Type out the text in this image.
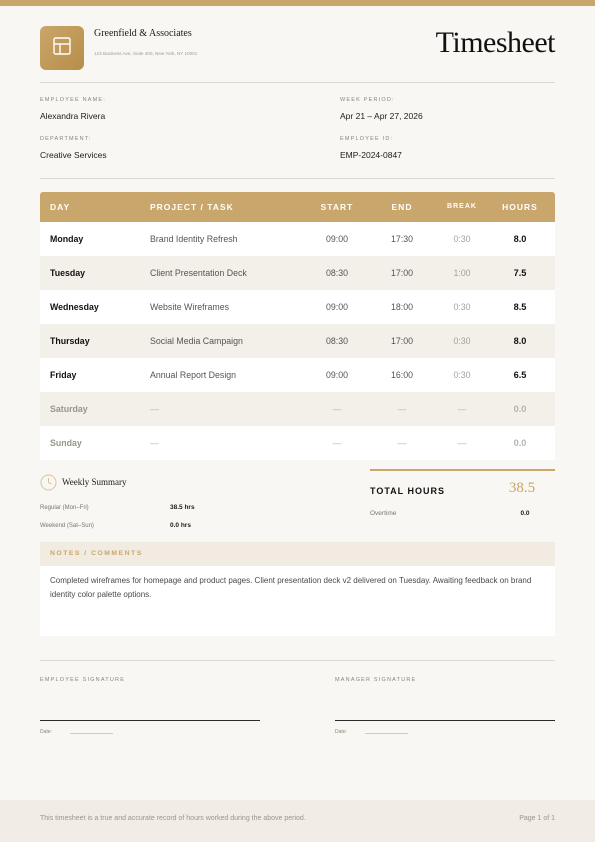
Greenfield & Associates
123 Business Ave, Suite 400, New York, NY 10001	Timesheet
EMPLOYEE NAME:
Alexandra Rivera
DEPARTMENT:
Creative Services
WEEK PERIOD:
Apr 21 – Apr 27, 2026
EMPLOYEE ID:
EMP-2024-0847
DAY	PROJECT / TASK	START	END	BREAK	HOURS
Monday	Brand Identity Refresh	09:00	17:30	0:30	8.0
Tuesday	Client Presentation Deck	08:30	17:00	1:00	7.5
Wednesday	Website Wireframes	09:00	18:00	0:30	8.5
Thursday	Social Media Campaign	08:30	17:00	0:30	8.0
Friday	Annual Report Design	09:00	16:00	0:30	6.5
Saturday	—	—	—	—	0.0
Sunday	—	—	—	—	0.0
Weekly Summary
Regular (Mon–Fri)	38.5 hrs
Weekend (Sat–Sun)	0.0 hrs
TOTAL HOURS	38.5
Overtime	0.0
NOTES / COMMENTS
Completed wireframes for homepage and product pages. Client presentation deck v2 delivered on Tuesday. Awaiting feedback on brand identity color palette options.
EMPLOYEE SIGNATURE
Date:
MANAGER SIGNATURE
Date:
This timesheet is a true and accurate record of hours worked during the above period.	Page 1 of 1
